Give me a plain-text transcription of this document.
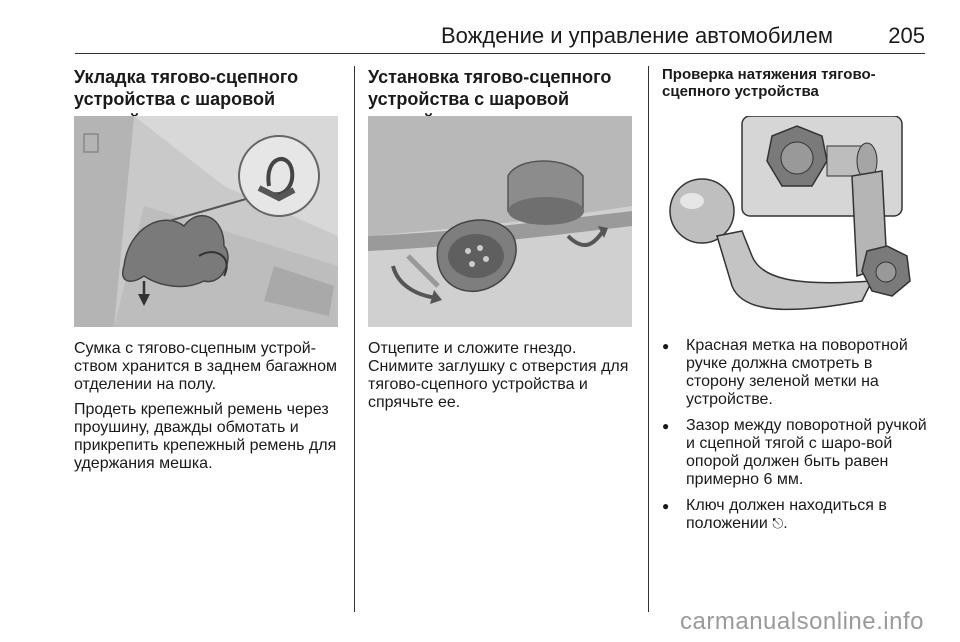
Вождение и управление автомобилем	205
Укладка тягово-сцепного устройства с шаровой

Сумка с тягово-сцепным устрой-ством хранится в заднем багажном отделении на полу.

Продеть крепежный ремень через проушину, дважды обмотать и прикрепить крепежный ремень для удержания мешка.

Установка тягово-сцепного устройства с шаровой

Отцепите и сложите гнездо. Снимите заглушку с отверстия для тягово-сцепного устройства и спрячьте ее.

Проверка натяжения тягово-сцепного устройства
● Красная метка на поворотной ручке должна смотреть в сторону зеленой метки на устройстве.
● Зазор между поворотной ручкой и сцепной тягой с шаро-вой опорой должен быть равен примерно 6 мм.
● Ключ должен находиться в положении ⎋.
carmanualsonline.info
